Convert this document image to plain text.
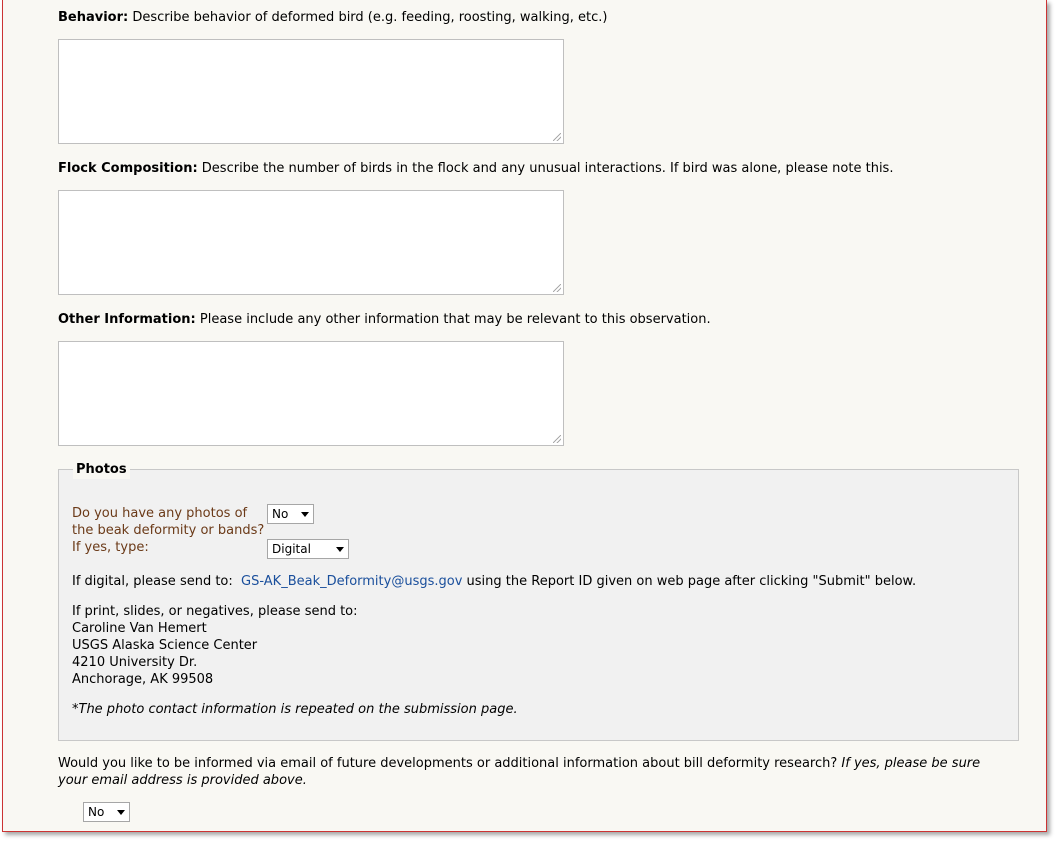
Behavior: Describe behavior of deformed bird (e.g. feeding, roosting, walking, etc.)
Flock Composition: Describe the number of birds in the flock and any unusual interactions. If bird was alone, please note this.
Other Information: Please include any other information that may be relevant to this observation.
Photos
Do you have any photos of
the beak deformity or bands?
No
If yes, type:	Digital
If digital, please send to: GS-AK_Beak_Deformity@usgs.gov using the Report ID given on web page after clicking "Submit" below.
If print, slides, or negatives, please send to:
Caroline Van Hemert
USGS Alaska Science Center
4210 University Dr.
Anchorage, AK 99508
*The photo contact information is repeated on the submission page.
Would you like to be informed via email of future developments or additional information about bill deformity research? If yes, please be sure
your email address is provided above.
No
